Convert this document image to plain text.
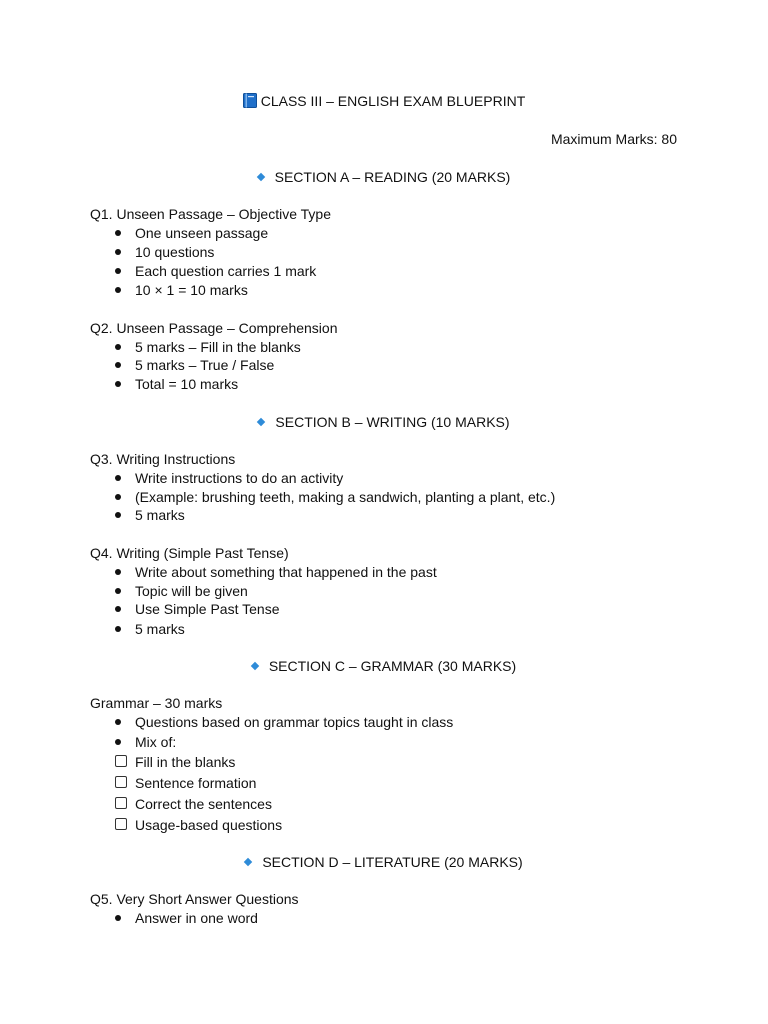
CLASS III – ENGLISH EXAM BLUEPRINT
Maximum Marks: 80
SECTION A – READING (20 MARKS)
Q1. Unseen Passage – Objective Type
One unseen passage
10 questions
Each question carries 1 mark
10 × 1 = 10 marks
Q2. Unseen Passage – Comprehension
5 marks – Fill in the blanks
5 marks – True / False
Total = 10 marks
SECTION B – WRITING (10 MARKS)
Q3. Writing Instructions
Write instructions to do an activity
(Example: brushing teeth, making a sandwich, planting a plant, etc.)
5 marks
Q4. Writing (Simple Past Tense)
Write about something that happened in the past
Topic will be given
Use Simple Past Tense
5 marks
SECTION C – GRAMMAR (30 MARKS)
Grammar – 30 marks
Questions based on grammar topics taught in class
Mix of:
Fill in the blanks
Sentence formation
Correct the sentences
Usage-based questions
SECTION D – LITERATURE (20 MARKS)
Q5. Very Short Answer Questions
Answer in one word
